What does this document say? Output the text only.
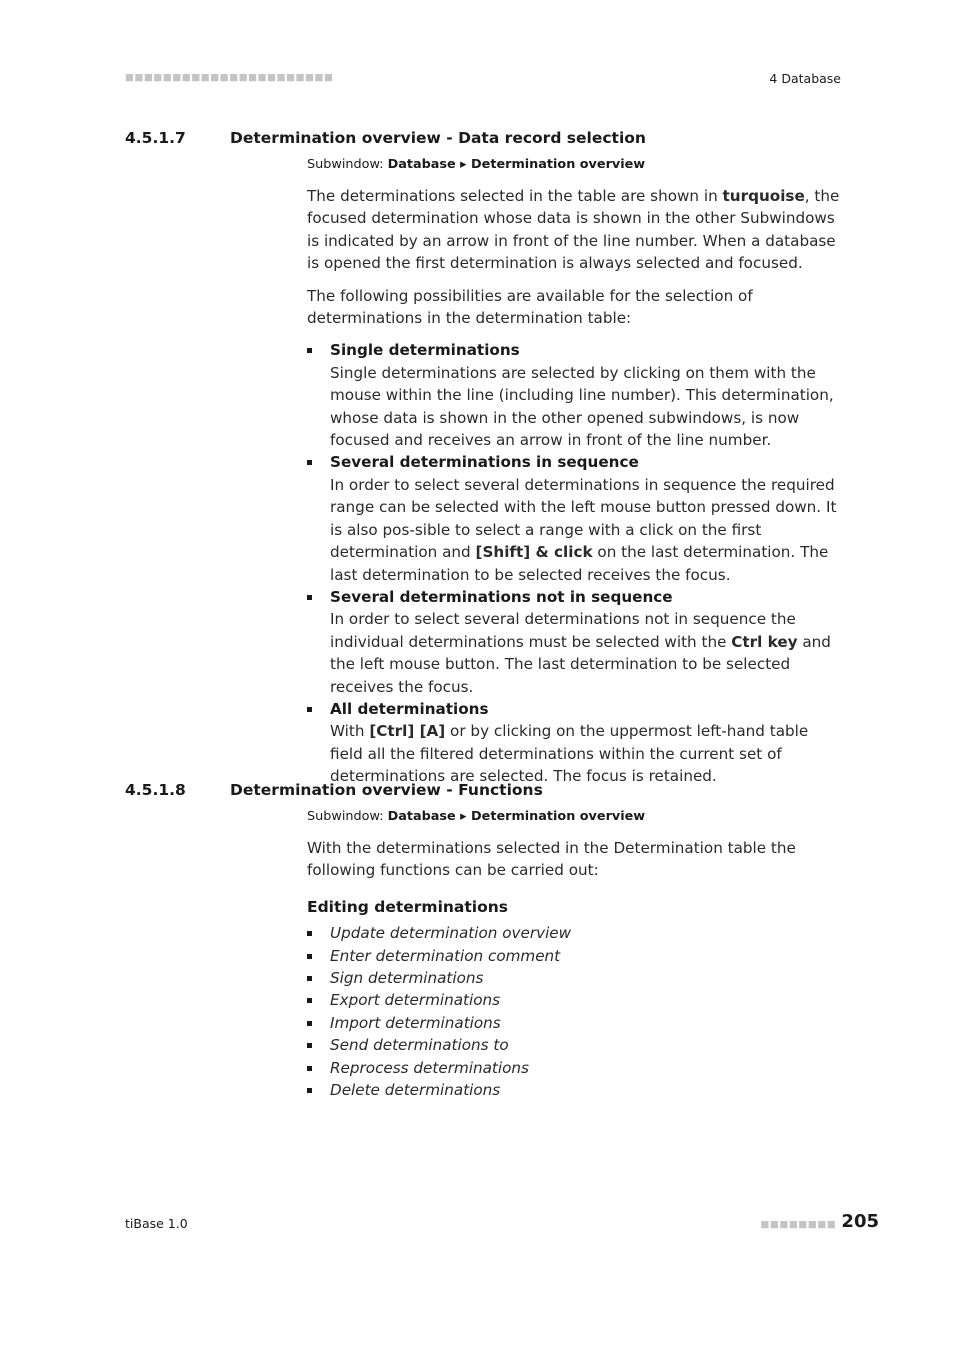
■■■■■■■■■■■■■■■■■■■■■■	4 Database
4.5.1.7	Determination overview - Data record selection
Subwindow: Database ▸ Determination overview

The determinations selected in the table are shown in turquoise, the focused determination whose data is shown in the other Subwindows is indicated by an arrow in front of the line number. When a database is opened the first determination is always selected and focused.

The following possibilities are available for the selection of determinations in the determination table:

Single determinations
Single determinations are selected by clicking on them with the mouse within the line (including line number). This determination, whose data is shown in the other opened subwindows, is now focused and receives an arrow in front of the line number.
Several determinations in sequence
In order to select several determinations in sequence the required range can be selected with the left mouse button pressed down. It is also pos-sible to select a range with a click on the first determination and [Shift] & click on the last determination. The last determination to be selected receives the focus.
Several determinations not in sequence
In order to select several determinations not in sequence the individual determinations must be selected with the Ctrl key and the left mouse button. The last determination to be selected receives the focus.
All determinations
With [Ctrl] [A] or by clicking on the uppermost left-hand table field all the filtered determinations within the current set of determinations are selected. The focus is retained.
4.5.1.8	Determination overview - Functions
Subwindow: Database ▸ Determination overview

With the determinations selected in the Determination table the following functions can be carried out:

Editing determinations
Update determination overview
Enter determination comment
Sign determinations
Export determinations
Import determinations
Send determinations to
Reprocess determinations
Delete determinations
tiBase 1.0	■■■■■■■■ 205
